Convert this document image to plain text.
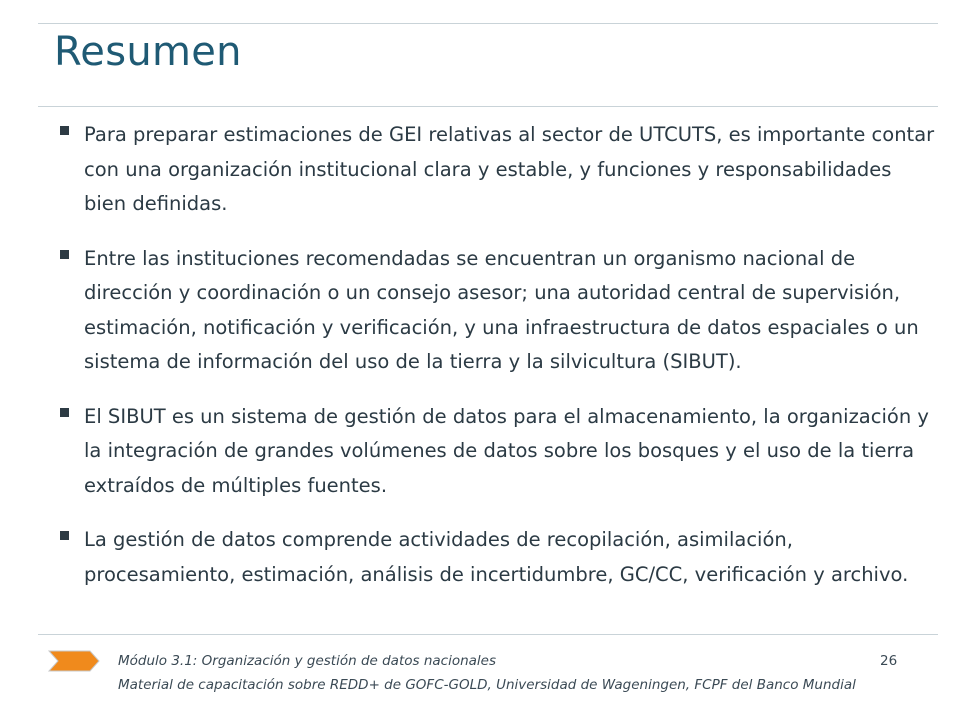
Resumen
Para preparar estimaciones de GEI relativas al sector de UTCUTS, es importante contar con una organización institucional clara y estable, y funciones y responsabilidades bien definidas.
Entre las instituciones recomendadas se encuentran un organismo nacional de dirección y coordinación o un consejo asesor; una autoridad central de supervisión, estimación, notificación y verificación, y una infraestructura de datos espaciales o un sistema de información del uso de la tierra y la silvicultura (SIBUT).
El SIBUT es un sistema de gestión de datos para el almacenamiento, la organización y la integración de grandes volúmenes de datos sobre los bosques y el uso de la tierra extraídos de múltiples fuentes.
La gestión de datos comprende actividades de recopilación, asimilación, procesamiento, estimación, análisis de incertidumbre, GC/CC, verificación y archivo.
Módulo 3.1: Organización y gestión de datos nacionales	26
Material de capacitación sobre REDD+ de GOFC-GOLD, Universidad de Wageningen, FCPF del Banco Mundial
